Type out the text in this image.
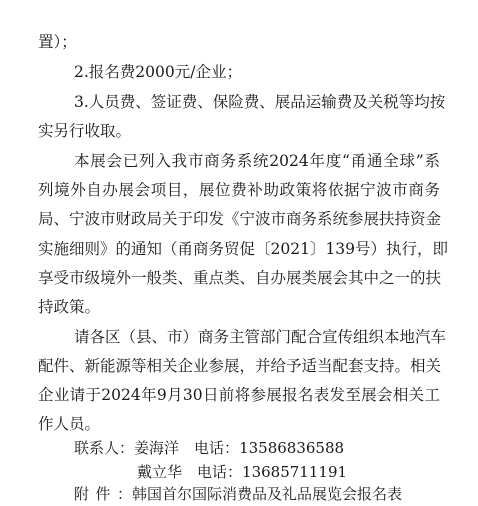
置）；
2.报名费2000元/企业；
3.人员费、签证费、保险费、展品运输费及关税等均按
实另行收取。
本展会已列入我市商务系统2024年度“甬通全球”系
列境外自办展会项目，展位费补助政策将依据宁波市商务
局、宁波市财政局关于印发《宁波市商务系统参展扶持资金
实施细则》的通知（甬商务贸促〔2021〕139号）执行，即
享受市级境外一般类、重点类、自办展类展会其中之一的扶
持政策。
请各区（县、市）商务主管部门配合宣传组织本地汽车
配件、新能源等相关企业参展，并给予适当配套支持。相关
企业请于2024年9月30日前将参展报名表发至展会相关工
作人员。
联系人：姜海洋　 电话：13586836588
戴立华　 电话：13685711191
附件：韩国首尔国际消费品及礼品展览会报名表
